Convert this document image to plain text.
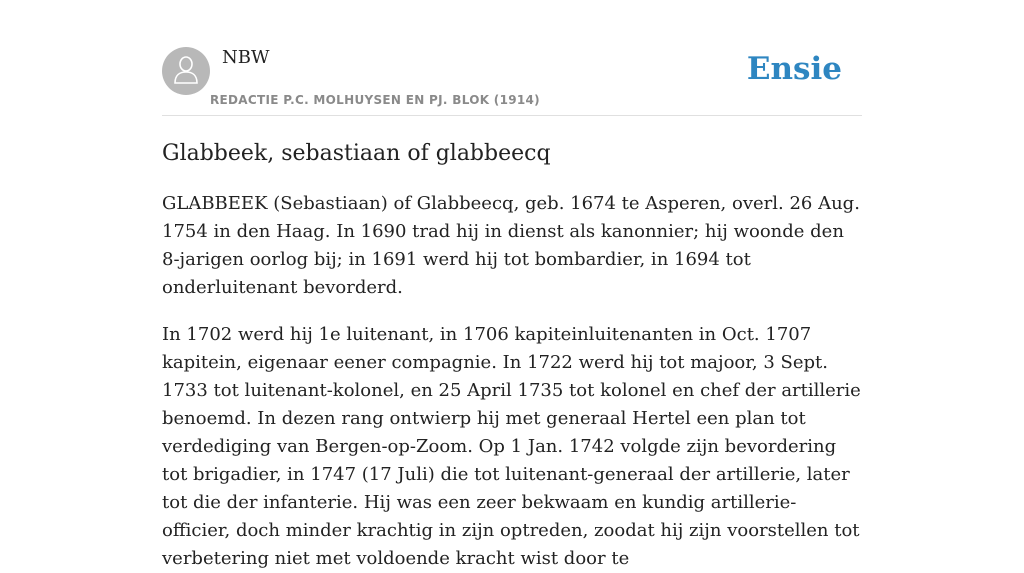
NBW
REDACTIE P.C. MOLHUYSEN EN PJ. BLOK (1914)
Ensie
Glabbeek, sebastiaan of glabbeecq

GLABBEEK (Sebastiaan) of Glabbeecq, geb. 1674 te Asperen, overl. 26 Aug. 1754 in den Haag. In 1690 trad hij in dienst als kanonnier; hij woonde den 8-jarigen oorlog bij; in 1691 werd hij tot bombardier, in 1694 tot onderluitenant bevorderd.

In 1702 werd hij 1e luitenant, in 1706 kapiteinluitenanten in Oct. 1707 kapitein, eigenaar eener compagnie. In 1722 werd hij tot majoor, 3 Sept. 1733 tot luitenant-kolonel, en 25 April 1735 tot kolonel en chef der artillerie benoemd. In dezen rang ontwierp hij met generaal Hertel een plan tot verdediging van Bergen-op-Zoom. Op 1 Jan. 1742 volgde zijn bevordering tot brigadier, in 1747 (17 Juli) die tot luitenant-generaal der artillerie, later tot die der infanterie. Hij was een zeer bekwaam en kundig artillerie-officier, doch minder krachtig in zijn optreden, zoodat hij zijn voorstellen tot verbetering niet met voldoende kracht wist door te
